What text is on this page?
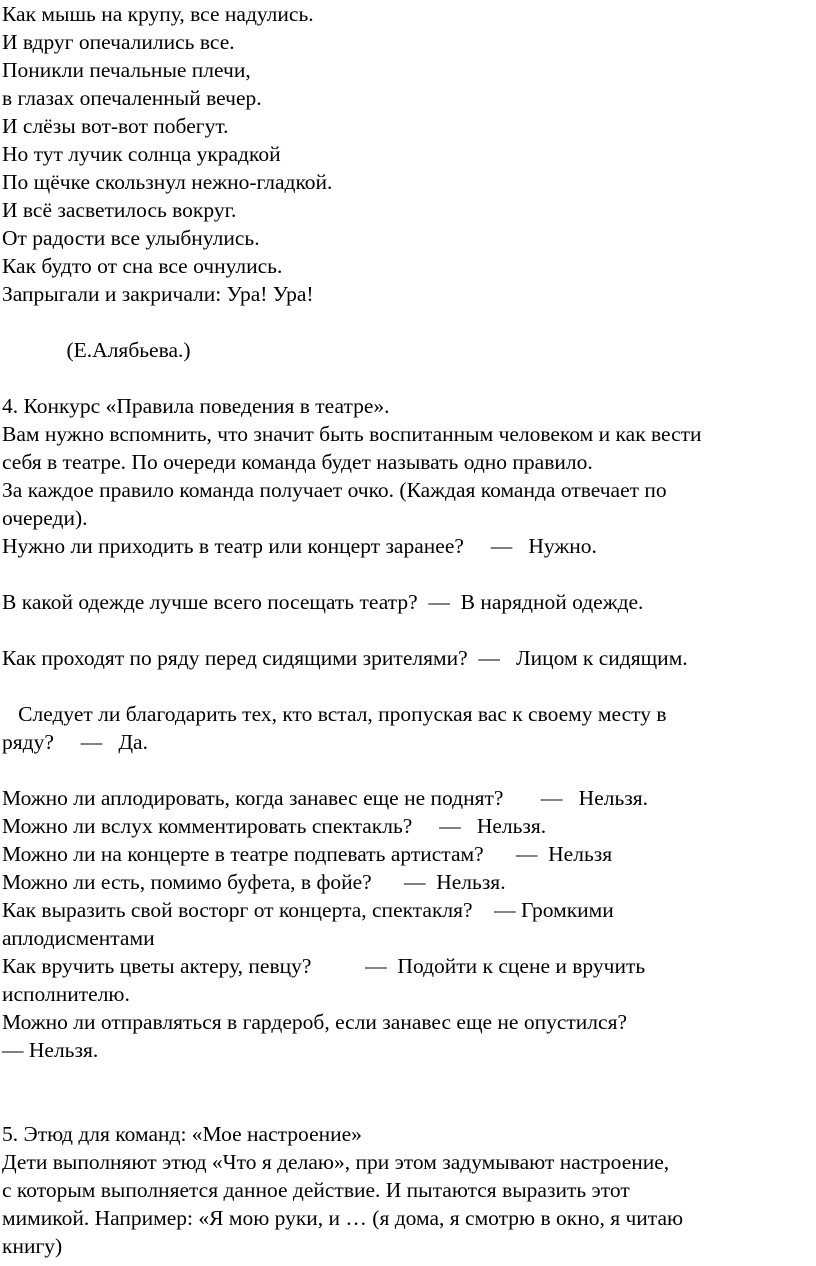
Как мышь на крупу, все надулись.
И вдруг опечалились все.
Поникли печальные плечи,
в глазах опечаленный вечер.
И слёзы вот-вот побегут.
Но тут лучик солнца украдкой
По щёчке скользнул нежно-гладкой.
И всё засветилось вокруг.
От радости все улыбнулись.
Как будто от сна все очнулись.
Запрыгали и закричали: Ура! Ура!
(Е.Алябьева.)
4. Конкурс «Правила поведения в театре».
Вам нужно вспомнить, что значит быть воспитанным человеком и как вести
себя в театре. По очереди команда будет называть одно правило.
За каждое правило команда получает очко. (Каждая команда отвечает по
очереди).
Нужно ли приходить в театр или концерт заранее?     —   Нужно.
В какой одежде лучше всего посещать театр?  —  В нарядной одежде.
Как проходят по ряду перед сидящими зрителями?  —   Лицом к сидящим.
Следует ли благодарить тех, кто встал, пропуская вас к своему месту в
ряду?     —   Да.
Можно ли аплодировать, когда занавес еще не поднят?       —   Нельзя.
Можно ли вслух комментировать спектакль?     —   Нельзя.
Можно ли на концерте в театре подпевать артистам?      —  Нельзя
Можно ли есть, помимо буфета, в фойе?      —  Нельзя.
Как выразить свой восторг от концерта, спектакля?    — Громкими
аплодисментами
Как вручить цветы актеру, певцу?          —  Подойти к сцене и вручить
исполнителю.
Можно ли отправляться в гардероб, если занавес еще не опустился?
— Нельзя.
5. Этюд для команд: «Мое настроение»
Дети выполняют этюд «Что я делаю», при этом задумывают настроение,
с которым выполняется данное действие. И пытаются выразить этот
мимикой. Например: «Я мою руки, и … (я дома, я смотрю в окно, я читаю
книгу)
